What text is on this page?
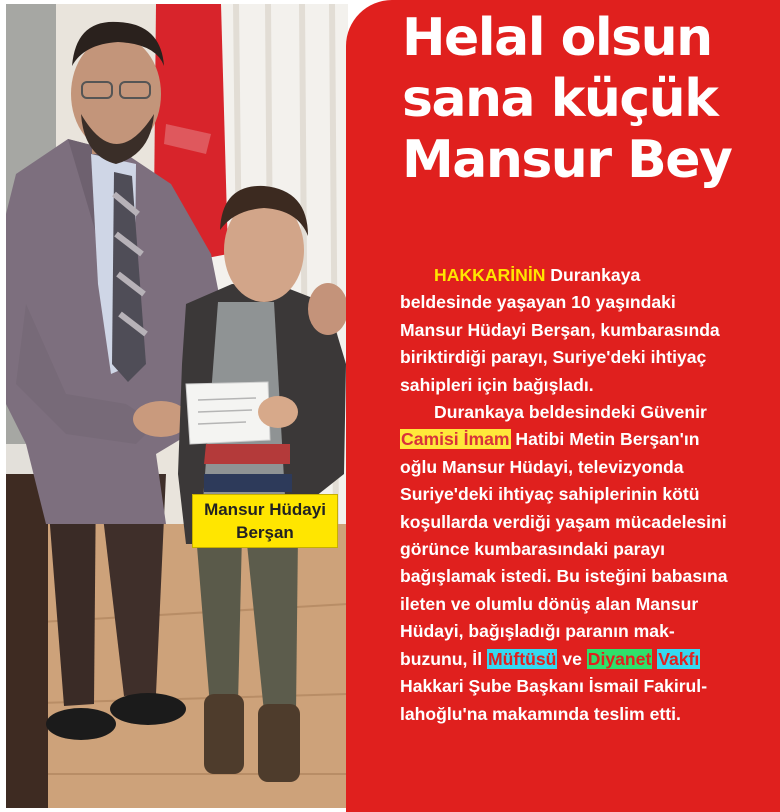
Helal olsun
sana küçük
Mansur Bey
HAKKARİNİN Durankaya
beldesinde yaşayan 10 yaşındaki
Mansur Hüdayi Berşan, kumbarasında
biriktirdiği parayı, Suriye'deki ihtiyaç
sahipleri için bağışladı.
Durankaya beldesindeki Güvenir
Camisi İmam Hatibi Metin Berşan'ın
oğlu Mansur Hüdayi, televizyonda
Suriye'deki ihtiyaç sahiplerinin kötü
koşullarda verdiği yaşam mücadelesini
görünce kumbarasındaki parayı
bağışlamak istedi. Bu isteğini babasına
ileten ve olumlu dönüş alan Mansur
Hüdayi, bağışladığı paranın mak-
buzunu, İl Müftüsü ve Diyanet Vakfı
Hakkari Şube Başkanı İsmail Fakirul-
lahoğlu'na makamında teslim etti.
Mansur Hüdayi
Berşan
